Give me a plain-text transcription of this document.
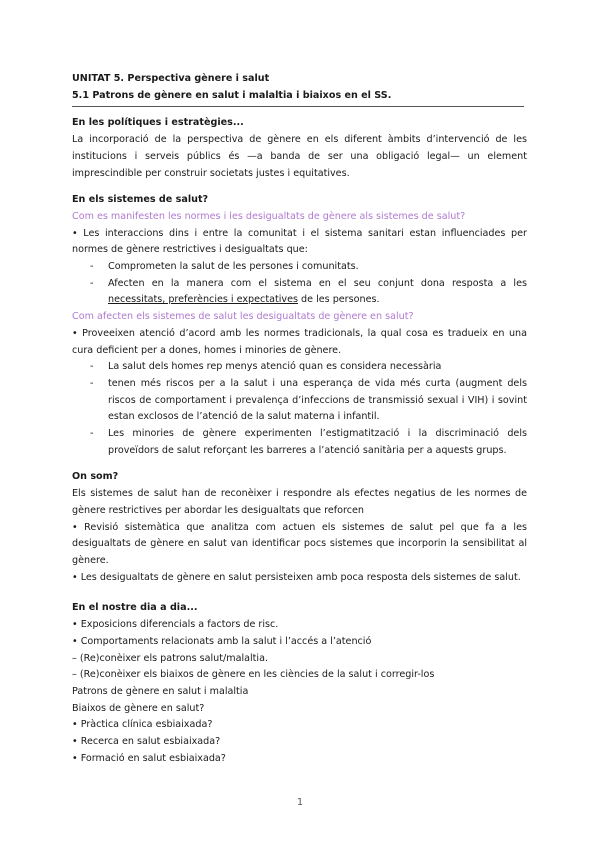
UNITAT 5. Perspectiva gènere i salut
5.1 Patrons de gènere en salut i malaltia i biaixos en el SS.
En les polítiques i estratègies...
La incorporació de la perspectiva de gènere en els diferent àmbits d’intervenció de les institucions i serveis públics és —a banda de ser una obligació legal— un element imprescindible per construir societats justes i equitatives.
En els sistemes de salut?
Com es manifesten les normes i les desigualtats de gènere als sistemes de salut?
• Les interaccions dins i entre la comunitat i el sistema sanitari estan influenciades per normes de gènere restrictives i desigualtats que:
- Comprometen la salut de les persones i comunitats.
- Afecten en la manera com el sistema en el seu conjunt dona resposta a les necessitats, preferències i expectatives de les persones.
Com afecten els sistemes de salut les desigualtats de gènere en salut?
• Proveeixen atenció d’acord amb les normes tradicionals, la qual cosa es tradueix en una cura deficient per a dones, homes i minories de gènere.
- La salut dels homes rep menys atenció quan es considera necessària
- tenen més riscos per a la salut i una esperança de vida més curta (augment dels riscos de comportament i prevalença d’infeccions de transmissió sexual i VIH) i sovint estan exclosos de l’atenció de la salut materna i infantil.
- Les minories de gènere experimenten l’estigmatització i la discriminació dels proveïdors de salut reforçant les barreres a l’atenció sanitària per a aquests grups.
On som?
Els sistemes de salut han de reconèixer i respondre als efectes negatius de les normes de gènere restrictives per abordar les desigualtats que reforcen
• Revisió sistemàtica que analitza com actuen els sistemes de salut pel que fa a les desigualtats de gènere en salut van identificar pocs sistemes que incorporin la sensibilitat al gènere.
• Les desigualtats de gènere en salut persisteixen amb poca resposta dels sistemes de salut.
En el nostre dia a dia...
• Exposicions diferencials a factors de risc.
• Comportaments relacionats amb la salut i l’accés a l’atenció
– (Re)conèixer els patrons salut/malaltia.
– (Re)conèixer els biaixos de gènere en les ciències de la salut i corregir-los
Patrons de gènere en salut i malaltia
Biaixos de gènere en salut?
• Pràctica clínica esbiaixada?
• Recerca en salut esbiaixada?
• Formació en salut esbiaixada?
1
